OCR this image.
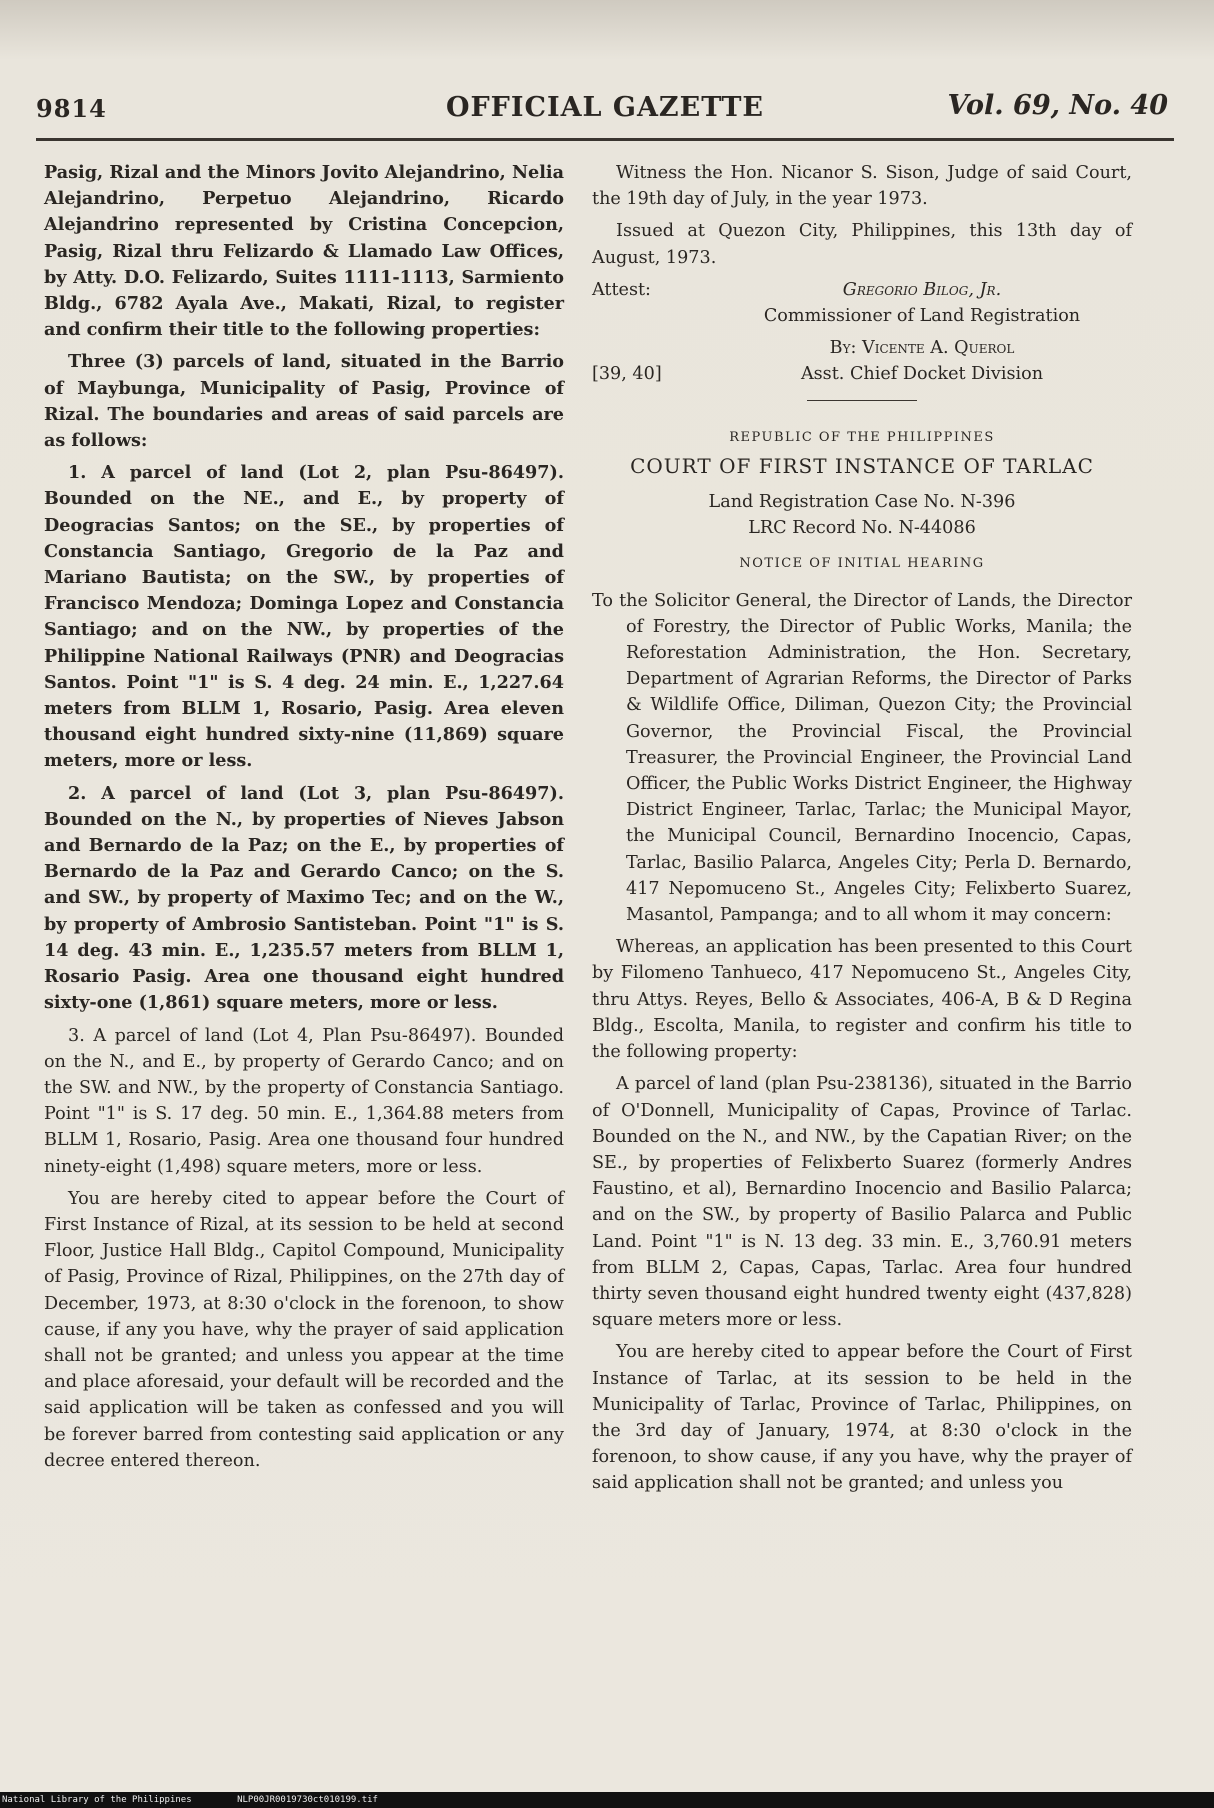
9814	OFFICIAL GAZETTE	Vol. 69, No. 40

Pasig, Rizal and the Minors Jovito Alejandrino, Nelia Alejandrino, Perpetuo Alejandrino, Ricardo Alejandrino represented by Cristina Concepcion, Pasig, Rizal thru Felizardo & Llamado Law Offices, by Atty. D.O. Felizardo, Suites 1111-1113, Sarmiento Bldg., 6782 Ayala Ave., Makati, Rizal, to register and confirm their title to the following properties:

Three (3) parcels of land, situated in the Barrio of Maybunga, Municipality of Pasig, Province of Rizal. The boundaries and areas of said parcels are as follows:

1. A parcel of land (Lot 2, plan Psu-86497). Bounded on the NE., and E., by property of Deogracias Santos; on the SE., by properties of Constancia Santiago, Gregorio de la Paz and Mariano Bautista; on the SW., by properties of Francisco Mendoza; Dominga Lopez and Constancia Santiago; and on the NW., by properties of the Philippine National Railways (PNR) and Deogracias Santos. Point "1" is S. 4 deg. 24 min. E., 1,227.64 meters from BLLM 1, Rosario, Pasig. Area eleven thousand eight hundred sixty-nine (11,869) square meters, more or less.

2. A parcel of land (Lot 3, plan Psu-86497). Bounded on the N., by properties of Nieves Jabson and Bernardo de la Paz; on the E., by properties of Bernardo de la Paz and Gerardo Canco; on the S. and SW., by property of Maximo Tec; and on the W., by property of Ambrosio Santisteban. Point "1" is S. 14 deg. 43 min. E., 1,235.57 meters from BLLM 1, Rosario Pasig. Area one thousand eight hundred sixty-one (1,861) square meters, more or less.

3. A parcel of land (Lot 4, Plan Psu-86497). Bounded on the N., and E., by property of Gerardo Canco; and on the SW. and NW., by the property of Constancia Santiago. Point "1" is S. 17 deg. 50 min. E., 1,364.88 meters from BLLM 1, Rosario, Pasig. Area one thousand four hundred ninety-eight (1,498) square meters, more or less.

You are hereby cited to appear before the Court of First Instance of Rizal, at its session to be held at second Floor, Justice Hall Bldg., Capitol Compound, Municipality of Pasig, Province of Rizal, Philippines, on the 27th day of December, 1973, at 8:30 o'clock in the forenoon, to show cause, if any you have, why the prayer of said application shall not be granted; and unless you appear at the time and place aforesaid, your default will be recorded and the said application will be taken as confessed and you will be forever barred from contesting said application or any decree entered thereon.

Witness the Hon. Nicanor S. Sison, Judge of said Court, the 19th day of July, in the year 1973.

Issued at Quezon City, Philippines, this 13th day of August, 1973.

Attest:	Gregorio Bilog, Jr.
Commissioner of Land Registration
[39, 40]
By: Vicente A. Querol
Asst. Chief Docket Division
REPUBLIC OF THE PHILIPPINES
COURT OF FIRST INSTANCE OF TARLAC
Land Registration Case No. N-396
LRC Record No. N-44086
NOTICE OF INITIAL HEARING

To the Solicitor General, the Director of Lands, the Director of Forestry, the Director of Public Works, Manila; the Reforestation Administration, the Hon. Secretary, Department of Agrarian Reforms, the Director of Parks & Wildlife Office, Diliman, Quezon City; the Provincial Governor, the Provincial Fiscal, the Provincial Treasurer, the Provincial Engineer, the Provincial Land Officer, the Public Works District Engineer, the Highway District Engineer, Tarlac, Tarlac; the Municipal Mayor, the Municipal Council, Bernardino Inocencio, Capas, Tarlac, Basilio Palarca, Angeles City; Perla D. Bernardo, 417 Nepomuceno St., Angeles City; Felixberto Suarez, Masantol, Pampanga; and to all whom it may concern:

Whereas, an application has been presented to this Court by Filomeno Tanhueco, 417 Nepomuceno St., Angeles City, thru Attys. Reyes, Bello & Associates, 406-A, B & D Regina Bldg., Escolta, Manila, to register and confirm his title to the following property:

A parcel of land (plan Psu-238136), situated in the Barrio of O'Donnell, Municipality of Capas, Province of Tarlac. Bounded on the N., and NW., by the Capatian River; on the SE., by properties of Felixberto Suarez (formerly Andres Faustino, et al), Bernardino Inocencio and Basilio Palarca; and on the SW., by property of Basilio Palarca and Public Land. Point "1" is N. 13 deg. 33 min. E., 3,760.91 meters from BLLM 2, Capas, Capas, Tarlac. Area four hundred thirty seven thousand eight hundred twenty eight (437,828) square meters more or less.

You are hereby cited to appear before the Court of First Instance of Tarlac, at its session to be held in the Municipality of Tarlac, Province of Tarlac, Philippines, on the 3rd day of January, 1974, at 8:30 o'clock in the forenoon, to show cause, if any you have, why the prayer of said application shall not be granted; and unless you

National Library of the Philippines	NLP00JR0019730ct010199.tif
